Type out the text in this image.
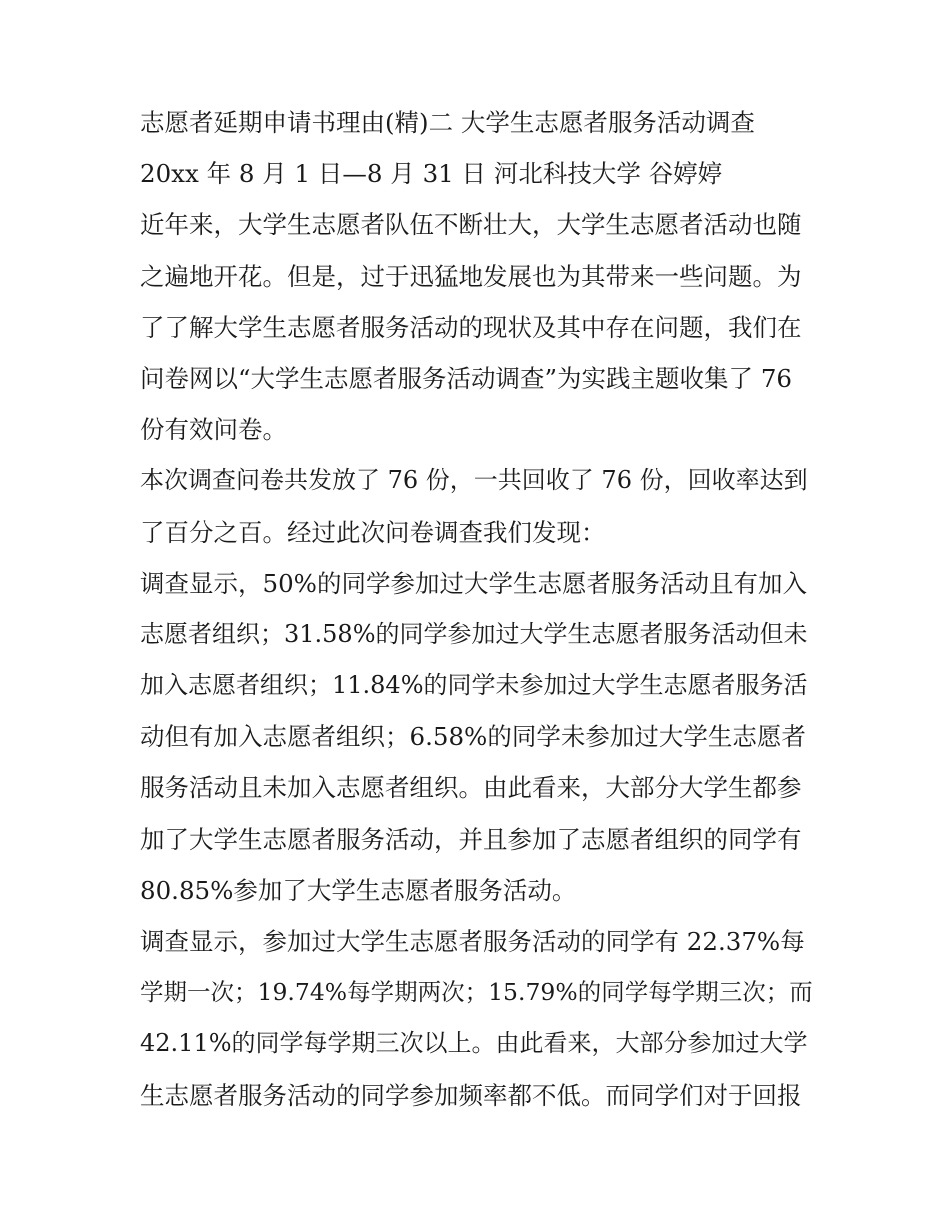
志愿者延期申请书理由(精)二 大学生志愿者服务活动调查
20xx 年 8 月 1 日—8 月 31 日 河北科技大学 谷婷婷
近年来，大学生志愿者队伍不断壮大，大学生志愿者活动也随
之遍地开花。但是，过于迅猛地发展也为其带来一些问题。为
了了解大学生志愿者服务活动的现状及其中存在问题，我们在
问卷网以“大学生志愿者服务活动调查”为实践主题收集了 76
份有效问卷。
本次调查问卷共发放了 76 份，一共回收了 76 份，回收率达到
了百分之百。经过此次问卷调查我们发现：
调查显示，50%的同学参加过大学生志愿者服务活动且有加入
志愿者组织；31.58%的同学参加过大学生志愿者服务活动但未
加入志愿者组织；11.84%的同学未参加过大学生志愿者服务活
动但有加入志愿者组织；6.58%的同学未参加过大学生志愿者
服务活动且未加入志愿者组织。由此看来，大部分大学生都参
加了大学生志愿者服务活动，并且参加了志愿者组织的同学有
80.85%参加了大学生志愿者服务活动。
调查显示，参加过大学生志愿者服务活动的同学有 22.37%每
学期一次；19.74%每学期两次；15.79%的同学每学期三次；而
42.11%的同学每学期三次以上。由此看来，大部分参加过大学
生志愿者服务活动的同学参加频率都不低。而同学们对于回报
